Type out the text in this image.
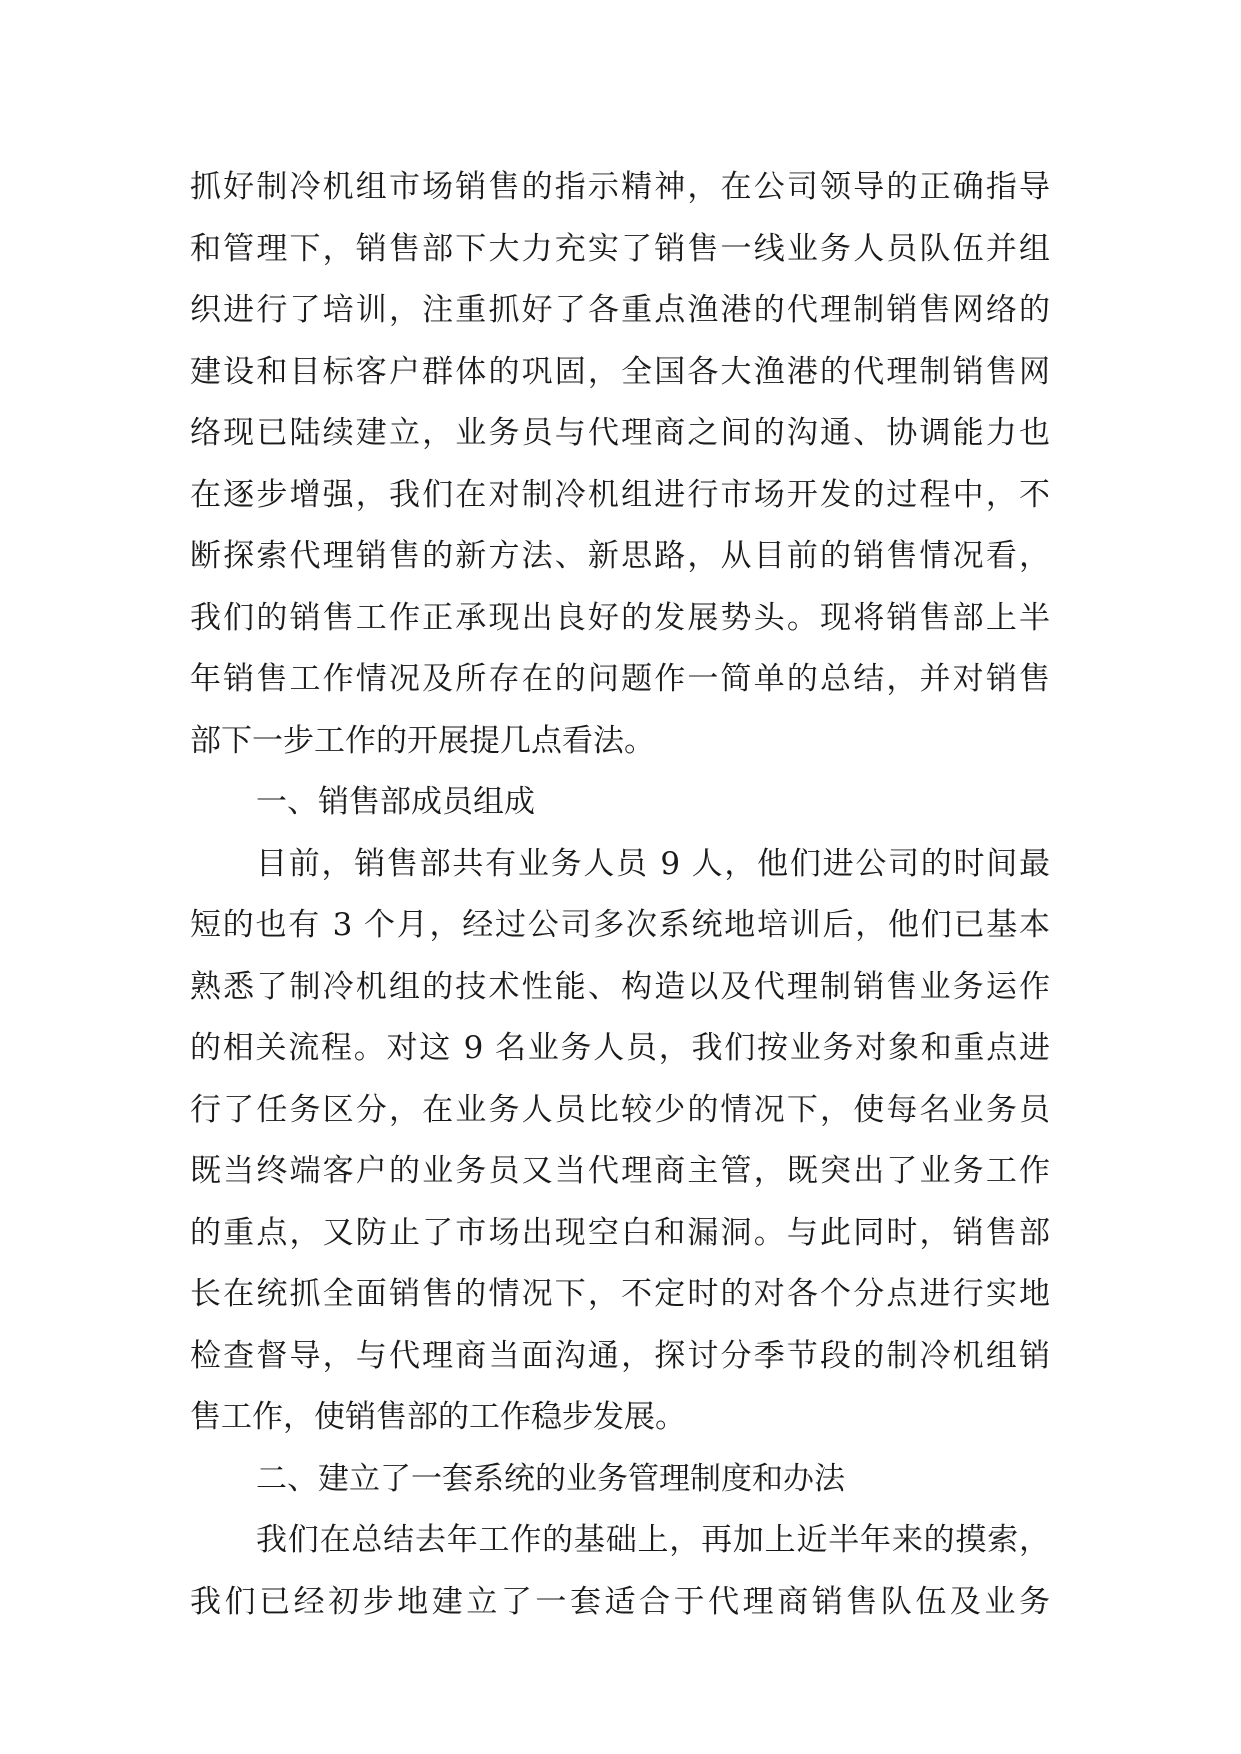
抓好制冷机组市场销售的指示精神，在公司领导的正确指导
和管理下，销售部下大力充实了销售一线业务人员队伍并组
织进行了培训，注重抓好了各重点渔港的代理制销售网络的
建设和目标客户群体的巩固，全国各大渔港的代理制销售网
络现已陆续建立，业务员与代理商之间的沟通、协调能力也
在逐步增强，我们在对制冷机组进行市场开发的过程中，不
断探索代理销售的新方法、新思路，从目前的销售情况看，
我们的销售工作正承现出良好的发展势头。现将销售部上半
年销售工作情况及所存在的问题作一简单的总结，并对销售
部下一步工作的开展提几点看法。
一、销售部成员组成
目前，销售部共有业务人员 9 人，他们进公司的时间最
短的也有 3 个月，经过公司多次系统地培训后，他们已基本
熟悉了制冷机组的技术性能、构造以及代理制销售业务运作
的相关流程。对这 9 名业务人员，我们按业务对象和重点进
行了任务区分，在业务人员比较少的情况下，使每名业务员
既当终端客户的业务员又当代理商主管，既突出了业务工作
的重点，又防止了市场出现空白和漏洞。与此同时，销售部
长在统抓全面销售的情况下，不定时的对各个分点进行实地
检查督导，与代理商当面沟通，探讨分季节段的制冷机组销
售工作，使销售部的工作稳步发展。
二、建立了一套系统的业务管理制度和办法
我们在总结去年工作的基础上，再加上近半年来的摸索，
我们已经初步地建立了一套适合于代理商销售队伍及业务
